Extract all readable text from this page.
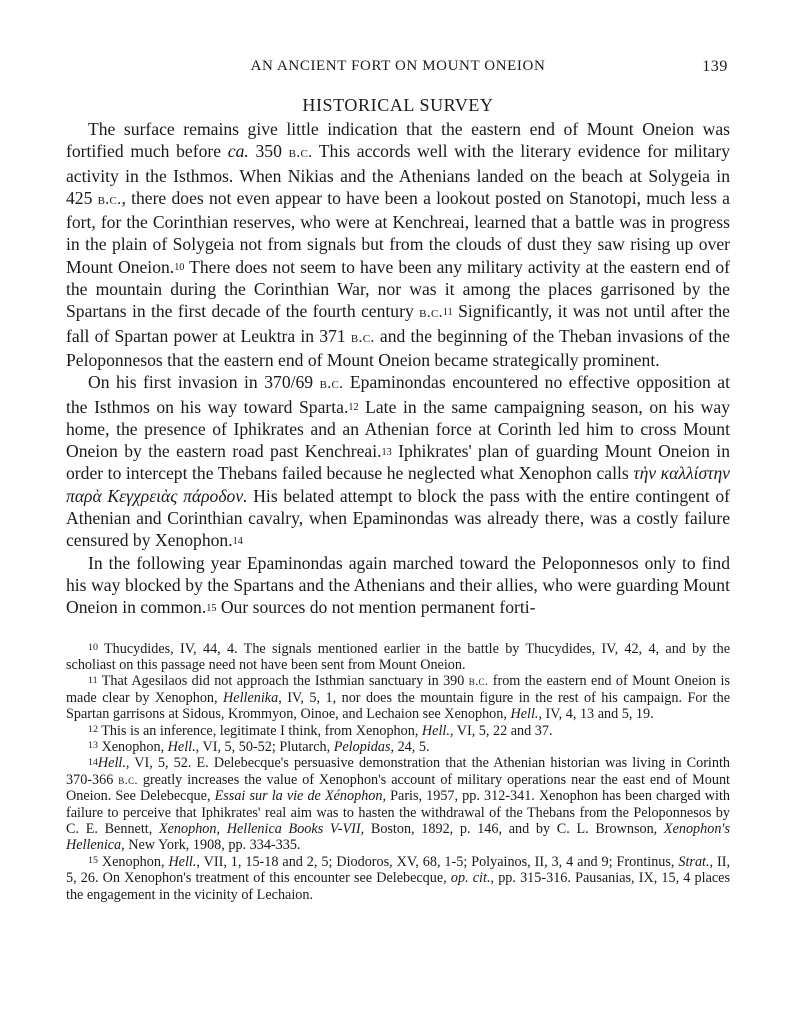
AN ANCIENT FORT ON MOUNT ONEION	139
HISTORICAL SURVEY

The surface remains give little indication that the eastern end of Mount Oneion was fortified much before ca. 350 b.c. This accords well with the literary evidence for military activity in the Isthmos. When Nikias and the Athenians landed on the beach at Solygeia in 425 b.c., there does not even appear to have been a lookout posted on Stanotopi, much less a fort, for the Corinthian reserves, who were at Kenchreai, learned that a battle was in progress in the plain of Solygeia not from signals but from the clouds of dust they saw rising up over Mount Oneion.$^{10}$ There does not seem to have been any military activity at the eastern end of the mountain during the Corinthian War, nor was it among the places garrisoned by the Spartans in the first decade of the fourth century b.c.$^{11}$ Significantly, it was not until after the fall of Spartan power at Leuktra in 371 b.c. and the beginning of the Theban invasions of the Peloponnesos that the eastern end of Mount Oneion became strategically prominent.

On his first invasion in 370/69 b.c. Epaminondas encountered no effective opposition at the Isthmos on his way toward Sparta.$^{12}$ Late in the same campaigning season, on his way home, the presence of Iphikrates and an Athenian force at Corinth led him to cross Mount Oneion by the eastern road past Kenchreai.$^{13}$ Iphikrates' plan of guarding Mount Oneion in order to intercept the Thebans failed because he neglected what Xenophon calls τὴν καλλίστην παρὰ Κεγχρειὰς πάροδον. His belated attempt to block the pass with the entire contingent of Athenian and Corinthian cavalry, when Epaminondas was already there, was a costly failure censured by Xenophon.$^{14}$

In the following year Epaminondas again marched toward the Peloponnesos only to find his way blocked by the Spartans and the Athenians and their allies, who were guarding Mount Oneion in common.$^{15}$ Our sources do not mention permanent forti-

$^{10}$ Thucydides, IV, 44, 4. The signals mentioned earlier in the battle by Thucydides, IV, 42, 4, and by the scholiast on this passage need not have been sent from Mount Oneion.

$^{11}$ That Agesilaos did not approach the Isthmian sanctuary in 390 b.c. from the eastern end of Mount Oneion is made clear by Xenophon, Hellenika, IV, 5, 1, nor does the mountain figure in the rest of his campaign. For the Spartan garrisons at Sidous, Krommyon, Oinoe, and Lechaion see Xenophon, Hell., IV, 4, 13 and 5, 19.

$^{12}$ This is an inference, legitimate I think, from Xenophon, Hell., VI, 5, 22 and 37.

$^{13}$ Xenophon, Hell., VI, 5, 50-52; Plutarch, Pelopidas, 24, 5.

$^{14}$Hell., VI, 5, 52. E. Delebecque's persuasive demonstration that the Athenian historian was living in Corinth 370-366 b.c. greatly increases the value of Xenophon's account of military operations near the east end of Mount Oneion. See Delebecque, Essai sur la vie de Xénophon, Paris, 1957, pp. 312-341. Xenophon has been charged with failure to perceive that Iphikrates' real aim was to hasten the withdrawal of the Thebans from the Peloponnesos by C. E. Bennett, Xenophon, Hellenica Books V-VII, Boston, 1892, p. 146, and by C. L. Brownson, Xenophon's Hellenica, New York, 1908, pp. 334-335.

$^{15}$ Xenophon, Hell., VII, 1, 15-18 and 2, 5; Diodoros, XV, 68, 1-5; Polyainos, II, 3, 4 and 9; Frontinus, Strat., II, 5, 26. On Xenophon's treatment of this encounter see Delebecque, op. cit., pp. 315-316. Pausanias, IX, 15, 4 places the engagement in the vicinity of Lechaion.
